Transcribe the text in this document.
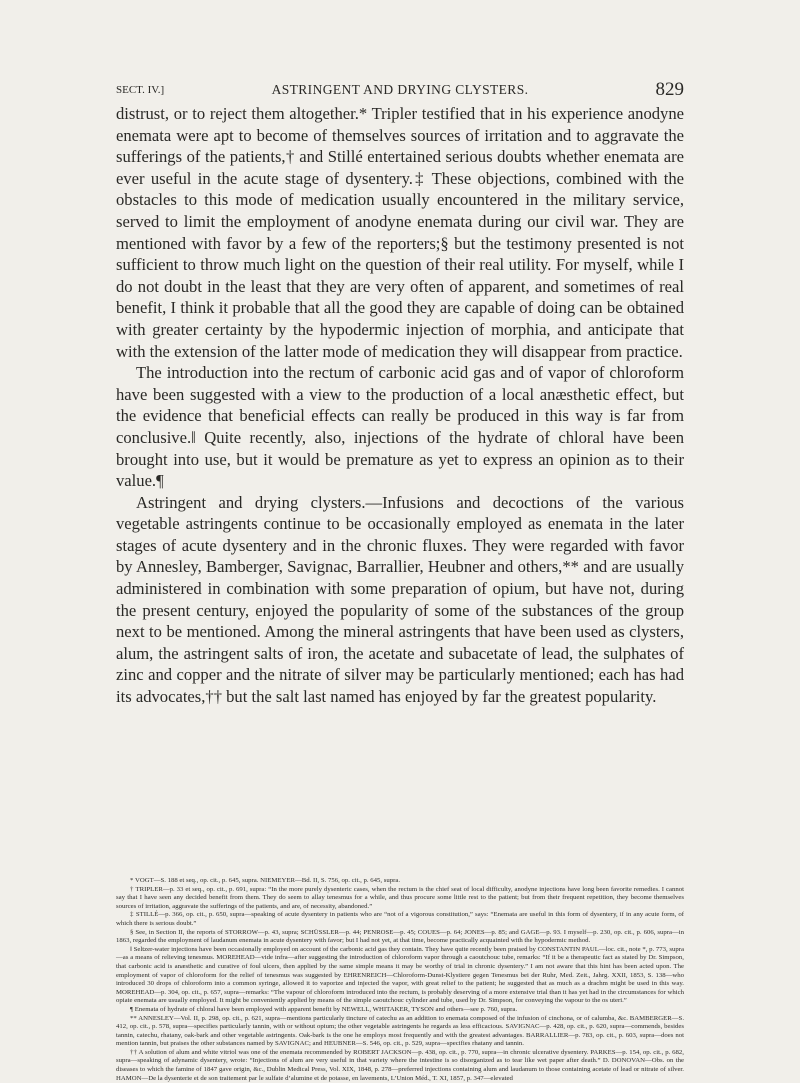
SECT. IV.]	ASTRINGENT AND DRYING CLYSTERS.	829

distrust, or to reject them altogether.* Tripler testified that in his experience anodyne enemata were apt to become of themselves sources of irritation and to aggravate the sufferings of the patients,† and Stillé entertained serious doubts whether enemata are ever useful in the acute stage of dysentery.‡ These objections, combined with the obstacles to this mode of medication usually encountered in the military service, served to limit the employment of anodyne enemata during our civil war. They are mentioned with favor by a few of the reporters;§ but the testimony presented is not sufficient to throw much light on the question of their real utility. For myself, while I do not doubt in the least that they are very often of apparent, and sometimes of real benefit, I think it probable that all the good they are capable of doing can be obtained with greater certainty by the hypodermic injection of morphia, and anticipate that with the extension of the latter mode of medication they will disappear from practice.

The introduction into the rectum of carbonic acid gas and of vapor of chloroform have been suggested with a view to the production of a local anæsthetic effect, but the evidence that beneficial effects can really be produced in this way is far from conclusive.‖ Quite recently, also, injections of the hydrate of chloral have been brought into use, but it would be premature as yet to express an opinion as to their value.¶

Astringent and drying clysters.—Infusions and decoctions of the various vegetable astringents continue to be occasionally employed as enemata in the later stages of acute dysentery and in the chronic fluxes. They were regarded with favor by Annesley, Bamberger, Savignac, Barrallier, Heubner and others,** and are usually administered in combination with some preparation of opium, but have not, during the present century, enjoyed the popularity of some of the substances of the group next to be mentioned. Among the mineral astringents that have been used as clysters, alum, the astringent salts of iron, the acetate and subacetate of lead, the sulphates of zinc and copper and the nitrate of silver may be particularly mentioned; each has had its advocates,†† but the salt last named has enjoyed by far the greatest popularity.

* VOGT—S. 188 et seq., op. cit., p. 645, supra. NIEMEYER—Bd. II, S. 756, op. cit., p. 645, supra.

† TRIPLER—p. 33 et seq., op. cit., p. 691, supra: “In the more purely dysenteric cases, when the rectum is the chief seat of local difficulty, anodyne injections have long been favorite remedies. I cannot say that I have seen any decided benefit from them. They do seem to allay tenesmus for a while, and thus procure some little rest to the patient; but from their frequent repetition, they become themselves sources of irritation, aggravate the sufferings of the patients, and are, of necessity, abandoned.”

‡ STILLÉ—p. 366, op. cit., p. 650, supra—speaking of acute dysentery in patients who are “not of a vigorous constitution,” says: “Enemata are useful in this form of dysentery, if in any acute form, of which there is serious doubt.”

§ See, in Section II, the reports of STORROW—p. 43, supra; SCHÜSSLER—p. 44; PENROSE—p. 45; COUES—p. 64; JONES—p. 85; and GAGE—p. 93. I myself—p. 230, op. cit., p. 606, supra—in 1863, regarded the employment of laudanum enemata in acute dysentery with favor; but I had not yet, at that time, become practically acquainted with the hypodermic method.

‖ Seltzer-water injections have been occasionally employed on account of the carbonic acid gas they contain. They have quite recently been praised by CONSTANTIN PAUL—loc. cit., note *, p. 773, supra—as a means of relieving tenesmus. MOREHEAD—vide infra—after suggesting the introduction of chloroform vapor through a caoutchouc tube, remarks: “If it be a therapeutic fact as stated by Dr. Simpson, that carbonic acid is anæsthetic and curative of foul ulcers, then applied by the same simple means it may be worthy of trial in chronic dysentery.” I am not aware that this hint has been acted upon. The employment of vapor of chloroform for the relief of tenesmus was suggested by EHRENREICH—Chloroform-Dunst-Klystiere gegen Tenesmus bei der Ruhr, Med. Zeit., Jahrg. XXII, 1853, S. 138—who introduced 30 drops of chloroform into a common syringe, allowed it to vaporize and injected the vapor, with great relief to the patient; he suggested that as much as a drachm might be used in this way. MOREHEAD—p. 304, op. cit., p. 657, supra—remarks: “The vapour of chloroform introduced into the rectum, is probably deserving of a more extensive trial than it has yet had in the circumstances for which opiate enemata are usually employed. It might be conveniently applied by means of the simple caoutchouc cylinder and tube, used by Dr. Simpson, for conveying the vapour to the os uteri.”

¶ Enemata of hydrate of chloral have been employed with apparent benefit by NEWELL, WHITAKER, TYSON and others—see p. 760, supra.

** ANNESLEY—Vol. II, p. 298, op. cit., p. 621, supra—mentions particularly tincture of catechu as an addition to enemata composed of the infusion of cinchona, or of calumba, &c. BAMBERGER—S. 412, op. cit., p. 578, supra—specifies particularly tannin, with or without opium; the other vegetable astringents he regards as less efficacious. SAVIGNAC—p. 428, op. cit., p. 620, supra—commends, besides tannin, catechu, rhatany, oak-bark and other vegetable astringents. Oak-bark is the one he employs most frequently and with the greatest advantages. BARRALLIER—p. 783, op. cit., p. 603, supra—does not mention tannin, but praises the other substances named by SAVIGNAC; and HEUBNER—S. 546, op. cit., p. 529, supra—specifies rhatany and tannin.

†† A solution of alum and white vitriol was one of the enemata recommended by ROBERT JACKSON—p. 438, op. cit., p. 770, supra—in chronic ulcerative dysentery. PARKES—p. 154, op. cit., p. 682, supra—speaking of adynamic dysentery, wrote: “Injections of alum are very useful in that variety where the intestine is so disorganized as to tear like wet paper after death.” D. DONOVAN—Obs. on the diseases to which the famine of 1847 gave origin, &c., Dublin Medical Press, Vol. XIX, 1848, p. 278—preferred injections containing alum and laudanum to those containing acetate of lead or nitrate of silver. HAMON—De la dysenterie et de son traitement par le sulfate d’alumine et de potasse, en lavements, L’Union Méd., T. XI, 1857, p. 347—elevated
